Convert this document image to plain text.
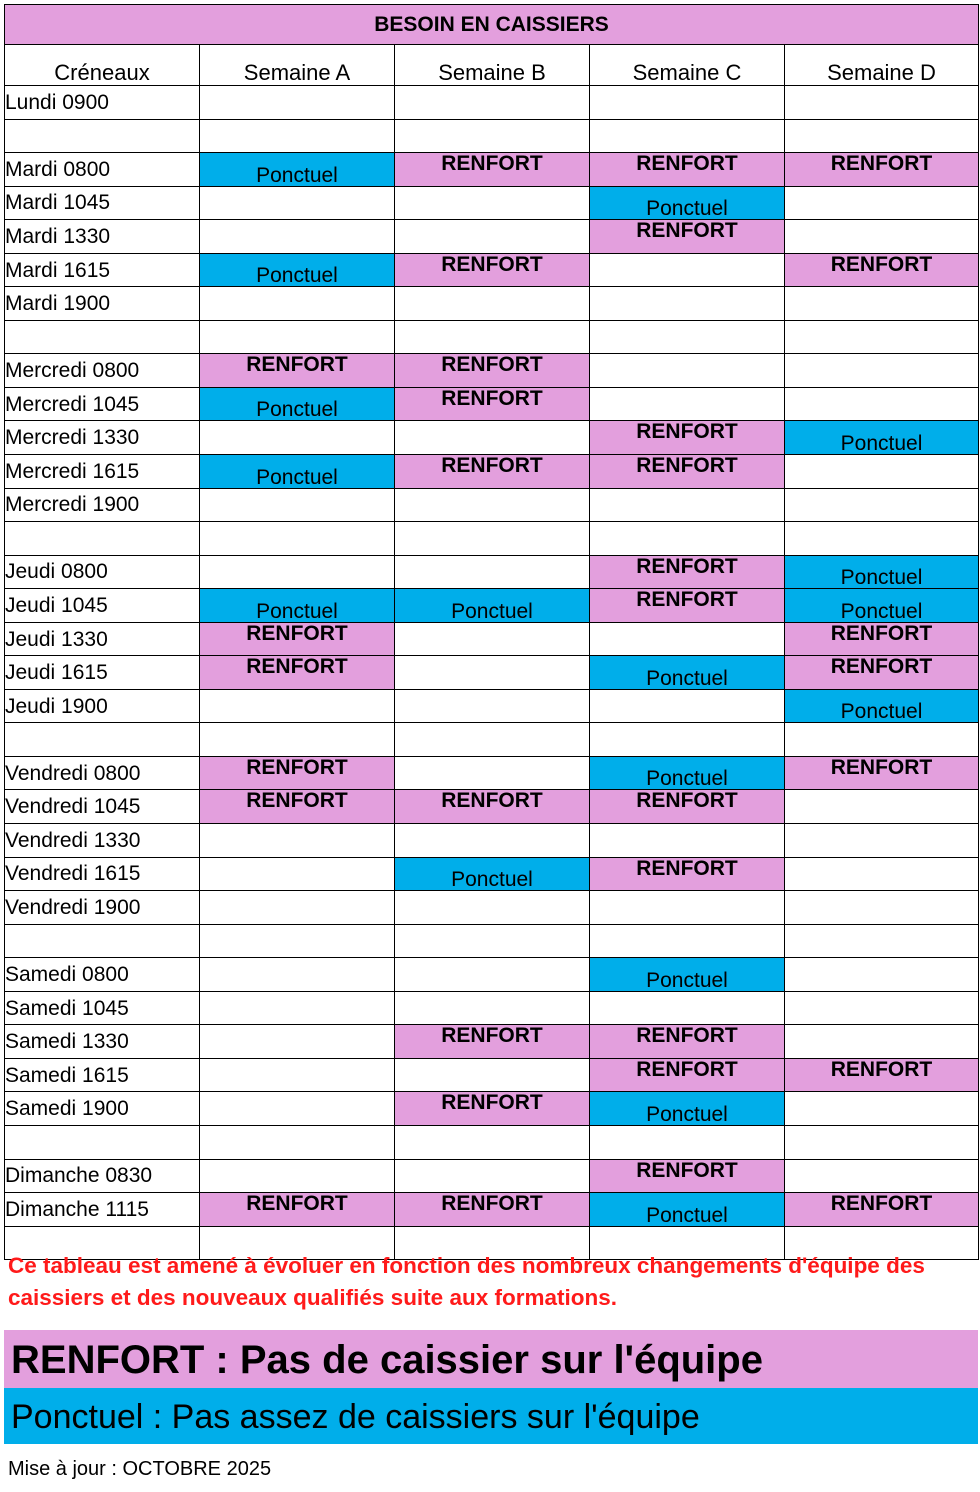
BESOIN EN CAISSIERS				
Créneaux	Semaine A	Semaine B	Semaine C	Semaine D
Lundi 0900				

Mardi 0800	Ponctuel	RENFORT	RENFORT	RENFORT
Mardi 1045			Ponctuel	
Mardi 1330			RENFORT	
Mardi 1615	Ponctuel	RENFORT		RENFORT
Mardi 1900				

Mercredi 0800	RENFORT	RENFORT		
Mercredi 1045	Ponctuel	RENFORT		
Mercredi 1330			RENFORT	Ponctuel
Mercredi 1615	Ponctuel	RENFORT	RENFORT	
Mercredi 1900				

Jeudi 0800			RENFORT	Ponctuel
Jeudi 1045	Ponctuel	Ponctuel	RENFORT	Ponctuel
Jeudi 1330	RENFORT			RENFORT
Jeudi 1615	RENFORT		Ponctuel	RENFORT
Jeudi 1900				Ponctuel

Vendredi 0800	RENFORT		Ponctuel	RENFORT
Vendredi 1045	RENFORT	RENFORT	RENFORT	
Vendredi 1330				
Vendredi 1615		Ponctuel	RENFORT	
Vendredi 1900				

Samedi 0800			Ponctuel	
Samedi 1045				
Samedi 1330		RENFORT	RENFORT	
Samedi 1615			RENFORT	RENFORT
Samedi 1900		RENFORT	Ponctuel	

Dimanche 0830			RENFORT	
Dimanche 1115	RENFORT	RENFORT	Ponctuel	RENFORT

Ce tableau est amené à évoluer en fonction des nombreux changements d'équipe des caissiers et des nouveaux qualifiés suite aux formations.
RENFORT : Pas de caissier sur l'équipe
Ponctuel : Pas assez de caissiers sur l'équipe
Mise à jour : OCTOBRE 2025
